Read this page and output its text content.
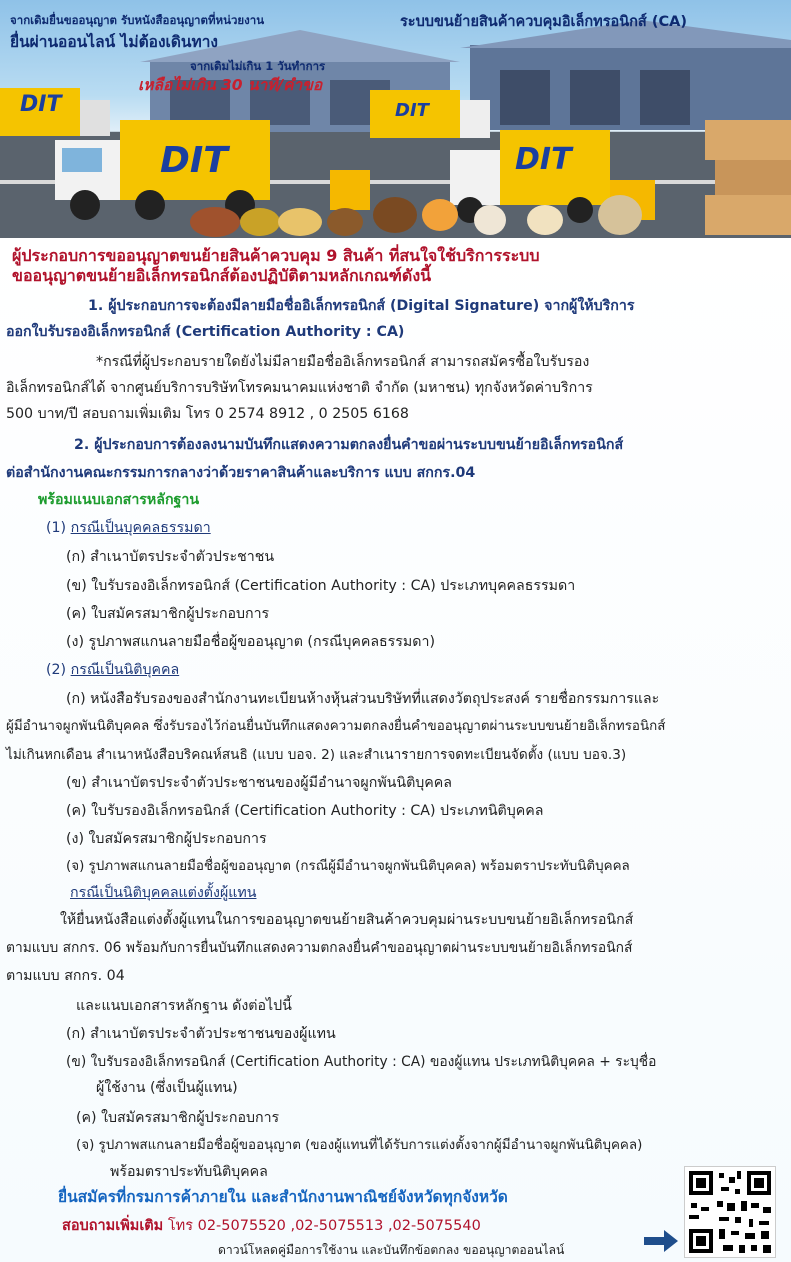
จากเดิมยื่นขออนุญาต รับหนังสืออนุญาตที่หน่วยงาน
ยื่นผ่านออนไลน์ ไม่ต้องเดินทาง
จากเดิมไม่เกิน 1 วันทำการ
เหลือไม่เกิน 30 นาที/คำขอ
ระบบขนย้ายสินค้าควบคุมอิเล็กทรอนิกส์ (CA)
DIT
DIT
DIT
DIT
ผู้ประกอบการขออนุญาตขนย้ายสินค้าควบคุม 9 สินค้า ที่สนใจใช้บริการระบบ
ขออนุญาตขนย้ายอิเล็กทรอนิกส์ต้องปฏิบัติตามหลักเกณฑ์ดังนี้
1. ผู้ประกอบการจะต้องมีลายมือชื่ออิเล็กทรอนิกส์ (Digital Signature) จากผู้ให้บริการ
ออกใบรับรองอิเล็กทรอนิกส์ (Certification Authority : CA)
*กรณีที่ผู้ประกอบรายใดยังไม่มีลายมือชื่ออิเล็กทรอนิกส์ สามารถสมัครซื้อใบรับรอง
อิเล็กทรอนิกส์ได้ จากศูนย์บริการบริษัทโทรคมนาคมแห่งชาติ จำกัด (มหาชน) ทุกจังหวัดค่าบริการ
500 บาท/ปี สอบถามเพิ่มเติม โทร 0 2574 8912 , 0 2505 6168
2. ผู้ประกอบการต้องลงนามบันทึกแสดงความตกลงยื่นคำขอผ่านระบบขนย้ายอิเล็กทรอนิกส์
ต่อสำนักงานคณะกรรมการกลางว่าด้วยราคาสินค้าและบริการ แบบ สกกร.04
พร้อมแนบเอกสารหลักฐาน
(1) กรณีเป็นบุคคลธรรมดา
(ก) สำเนาบัตรประจำตัวประชาชน
(ข) ใบรับรองอิเล็กทรอนิกส์ (Certification Authority : CA) ประเภทบุคคลธรรมดา
(ค) ใบสมัครสมาชิกผู้ประกอบการ
(ง) รูปภาพสแกนลายมือชื่อผู้ขออนุญาต (กรณีบุคคลธรรมดา)
(2) กรณีเป็นนิติบุคคล
(ก) หนังสือรับรองของสำนักงานทะเบียนห้างหุ้นส่วนบริษัทที่แสดงวัตถุประสงค์ รายชื่อกรรมการและ
ผู้มีอำนาจผูกพันนิติบุคคล ซึ่งรับรองไว้ก่อนยื่นบันทึกแสดงความตกลงยื่นคำขออนุญาตผ่านระบบขนย้ายอิเล็กทรอนิกส์
ไม่เกินหกเดือน สำเนาหนังสือบริคณห์สนธิ (แบบ บอจ. 2) และสำเนารายการจดทะเบียนจัดตั้ง (แบบ บอจ.3)
(ข) สำเนาบัตรประจำตัวประชาชนของผู้มีอำนาจผูกพันนิติบุคคล
(ค) ใบรับรองอิเล็กทรอนิกส์ (Certification Authority : CA) ประเภทนิติบุคคล
(ง) ใบสมัครสมาชิกผู้ประกอบการ
(จ) รูปภาพสแกนลายมือชื่อผู้ขออนุญาต (กรณีผู้มีอำนาจผูกพันนิติบุคคล) พร้อมตราประทับนิติบุคคล
กรณีเป็นนิติบุคคลแต่งตั้งผู้แทน
ให้ยื่นหนังสือแต่งตั้งผู้แทนในการขออนุญาตขนย้ายสินค้าควบคุมผ่านระบบขนย้ายอิเล็กทรอนิกส์
ตามแบบ สกกร. 06 พร้อมกับการยื่นบันทึกแสดงความตกลงยื่นคำขออนุญาตผ่านระบบขนย้ายอิเล็กทรอนิกส์
ตามแบบ สกกร. 04
และแนบเอกสารหลักฐาน ดังต่อไปนี้
(ก) สำเนาบัตรประจำตัวประชาชนของผู้แทน
(ข) ใบรับรองอิเล็กทรอนิกส์ (Certification Authority : CA) ของผู้แทน ประเภทนิติบุคคล + ระบุชื่อ
ผู้ใช้งาน (ซึ่งเป็นผู้แทน)
(ค) ใบสมัครสมาชิกผู้ประกอบการ
(จ) รูปภาพสแกนลายมือชื่อผู้ขออนุญาต (ของผู้แทนที่ได้รับการแต่งตั้งจากผู้มีอำนาจผูกพันนิติบุคคล)
พร้อมตราประทับนิติบุคคล
ยื่นสมัครที่กรมการค้าภายใน และสำนักงานพาณิชย์จังหวัดทุกจังหวัด
สอบถามเพิ่มเติม โทร 02-5075520 ,02-5075513 ,02-5075540
ดาวน์โหลดคู่มือการใช้งาน และบันทึกข้อตกลง ขออนุญาตออนไลน์
